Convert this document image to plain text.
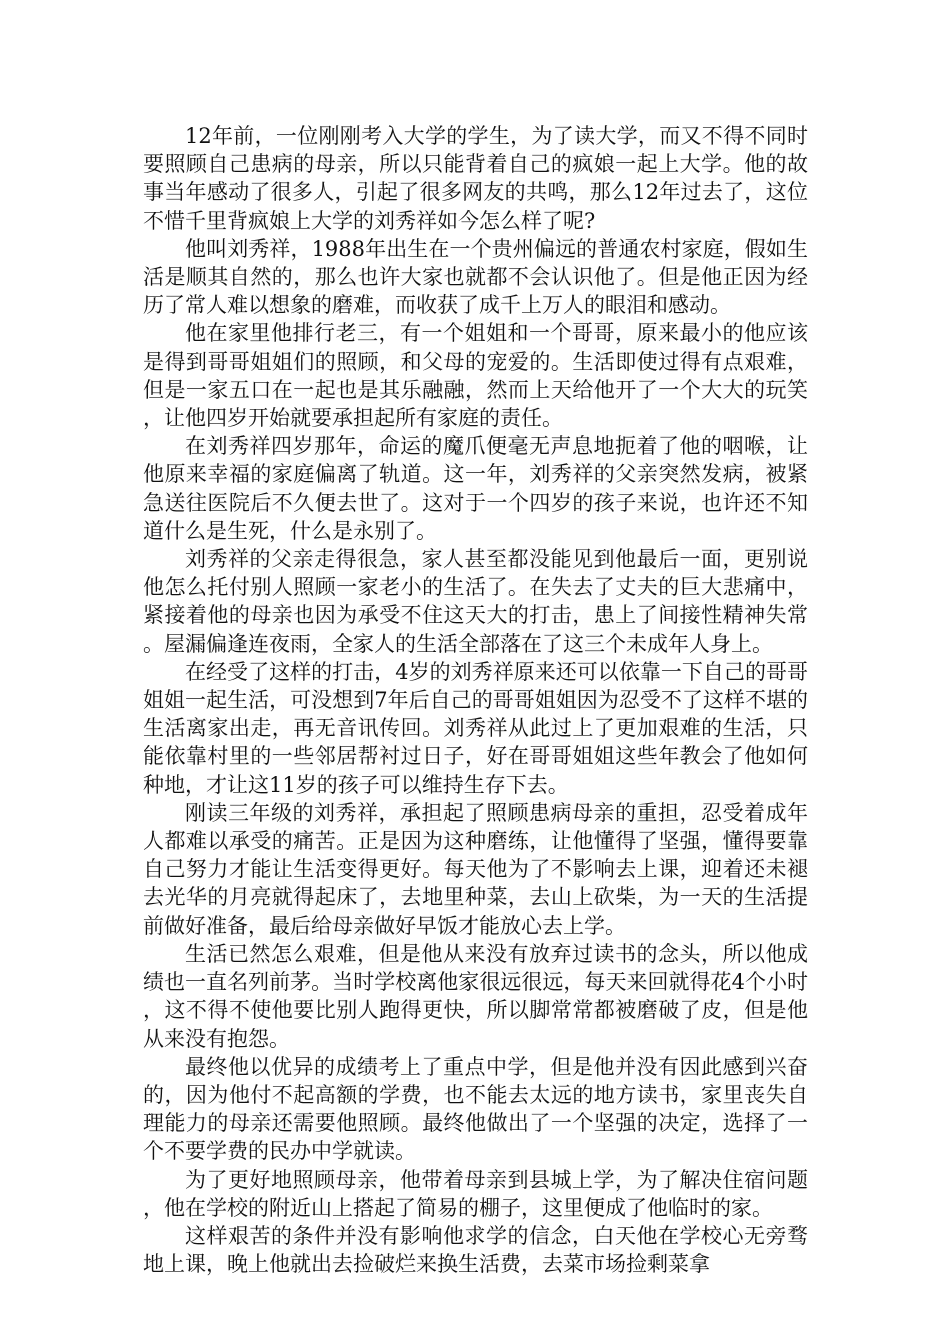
12年前，一位刚刚考入大学的学生，为了读大学，而又不得不同时要照顾自己患病的母亲，所以只能背着自己的疯娘一起上大学。他的故事当年感动了很多人，引起了很多网友的共鸣，那么12年过去了，这位不惜千里背疯娘上大学的刘秀祥如今怎么样了呢?

他叫刘秀祥，1988年出生在一个贵州偏远的普通农村家庭，假如生活是顺其自然的，那么也许大家也就都不会认识他了。但是他正因为经历了常人难以想象的磨难，而收获了成千上万人的眼泪和感动。

他在家里他排行老三，有一个姐姐和一个哥哥，原来最小的他应该是得到哥哥姐姐们的照顾，和父母的宠爱的。生活即使过得有点艰难，但是一家五口在一起也是其乐融融，然而上天给他开了一个大大的玩笑，让他四岁开始就要承担起所有家庭的责任。

在刘秀祥四岁那年，命运的魔爪便毫无声息地扼着了他的咽喉，让他原来幸福的家庭偏离了轨道。这一年，刘秀祥的父亲突然发病，被紧急送往医院后不久便去世了。这对于一个四岁的孩子来说，也许还不知道什么是生死，什么是永别了。

刘秀祥的父亲走得很急，家人甚至都没能见到他最后一面，更别说他怎么托付别人照顾一家老小的生活了。在失去了丈夫的巨大悲痛中，紧接着他的母亲也因为承受不住这天大的打击，患上了间接性精神失常。屋漏偏逢连夜雨，全家人的生活全部落在了这三个未成年人身上。

在经受了这样的打击，4岁的刘秀祥原来还可以依靠一下自己的哥哥姐姐一起生活，可没想到7年后自己的哥哥姐姐因为忍受不了这样不堪的生活离家出走，再无音讯传回。刘秀祥从此过上了更加艰难的生活，只能依靠村里的一些邻居帮衬过日子，好在哥哥姐姐这些年教会了他如何种地，才让这11岁的孩子可以维持生存下去。

刚读三年级的刘秀祥，承担起了照顾患病母亲的重担，忍受着成年人都难以承受的痛苦。正是因为这种磨练，让他懂得了坚强，懂得要靠自己努力才能让生活变得更好。每天他为了不影响去上课，迎着还未褪去光华的月亮就得起床了，去地里种菜，去山上砍柴，为一天的生活提前做好准备，最后给母亲做好早饭才能放心去上学。

生活已然怎么艰难，但是他从来没有放弃过读书的念头，所以他成绩也一直名列前茅。当时学校离他家很远很远，每天来回就得花4个小时，这不得不使他要比别人跑得更快，所以脚常常都被磨破了皮，但是他从来没有抱怨。

最终他以优异的成绩考上了重点中学，但是他并没有因此感到兴奋的，因为他付不起高额的学费，也不能去太远的地方读书，家里丧失自理能力的母亲还需要他照顾。最终他做出了一个坚强的决定，选择了一个不要学费的民办中学就读。

为了更好地照顾母亲，他带着母亲到县城上学，为了解决住宿问题，他在学校的附近山上搭起了简易的棚子，这里便成了他临时的家。

这样艰苦的条件并没有影响他求学的信念，白天他在学校心无旁骛地上课，晚上他就出去捡破烂来换生活费，去菜市场捡剩菜拿
